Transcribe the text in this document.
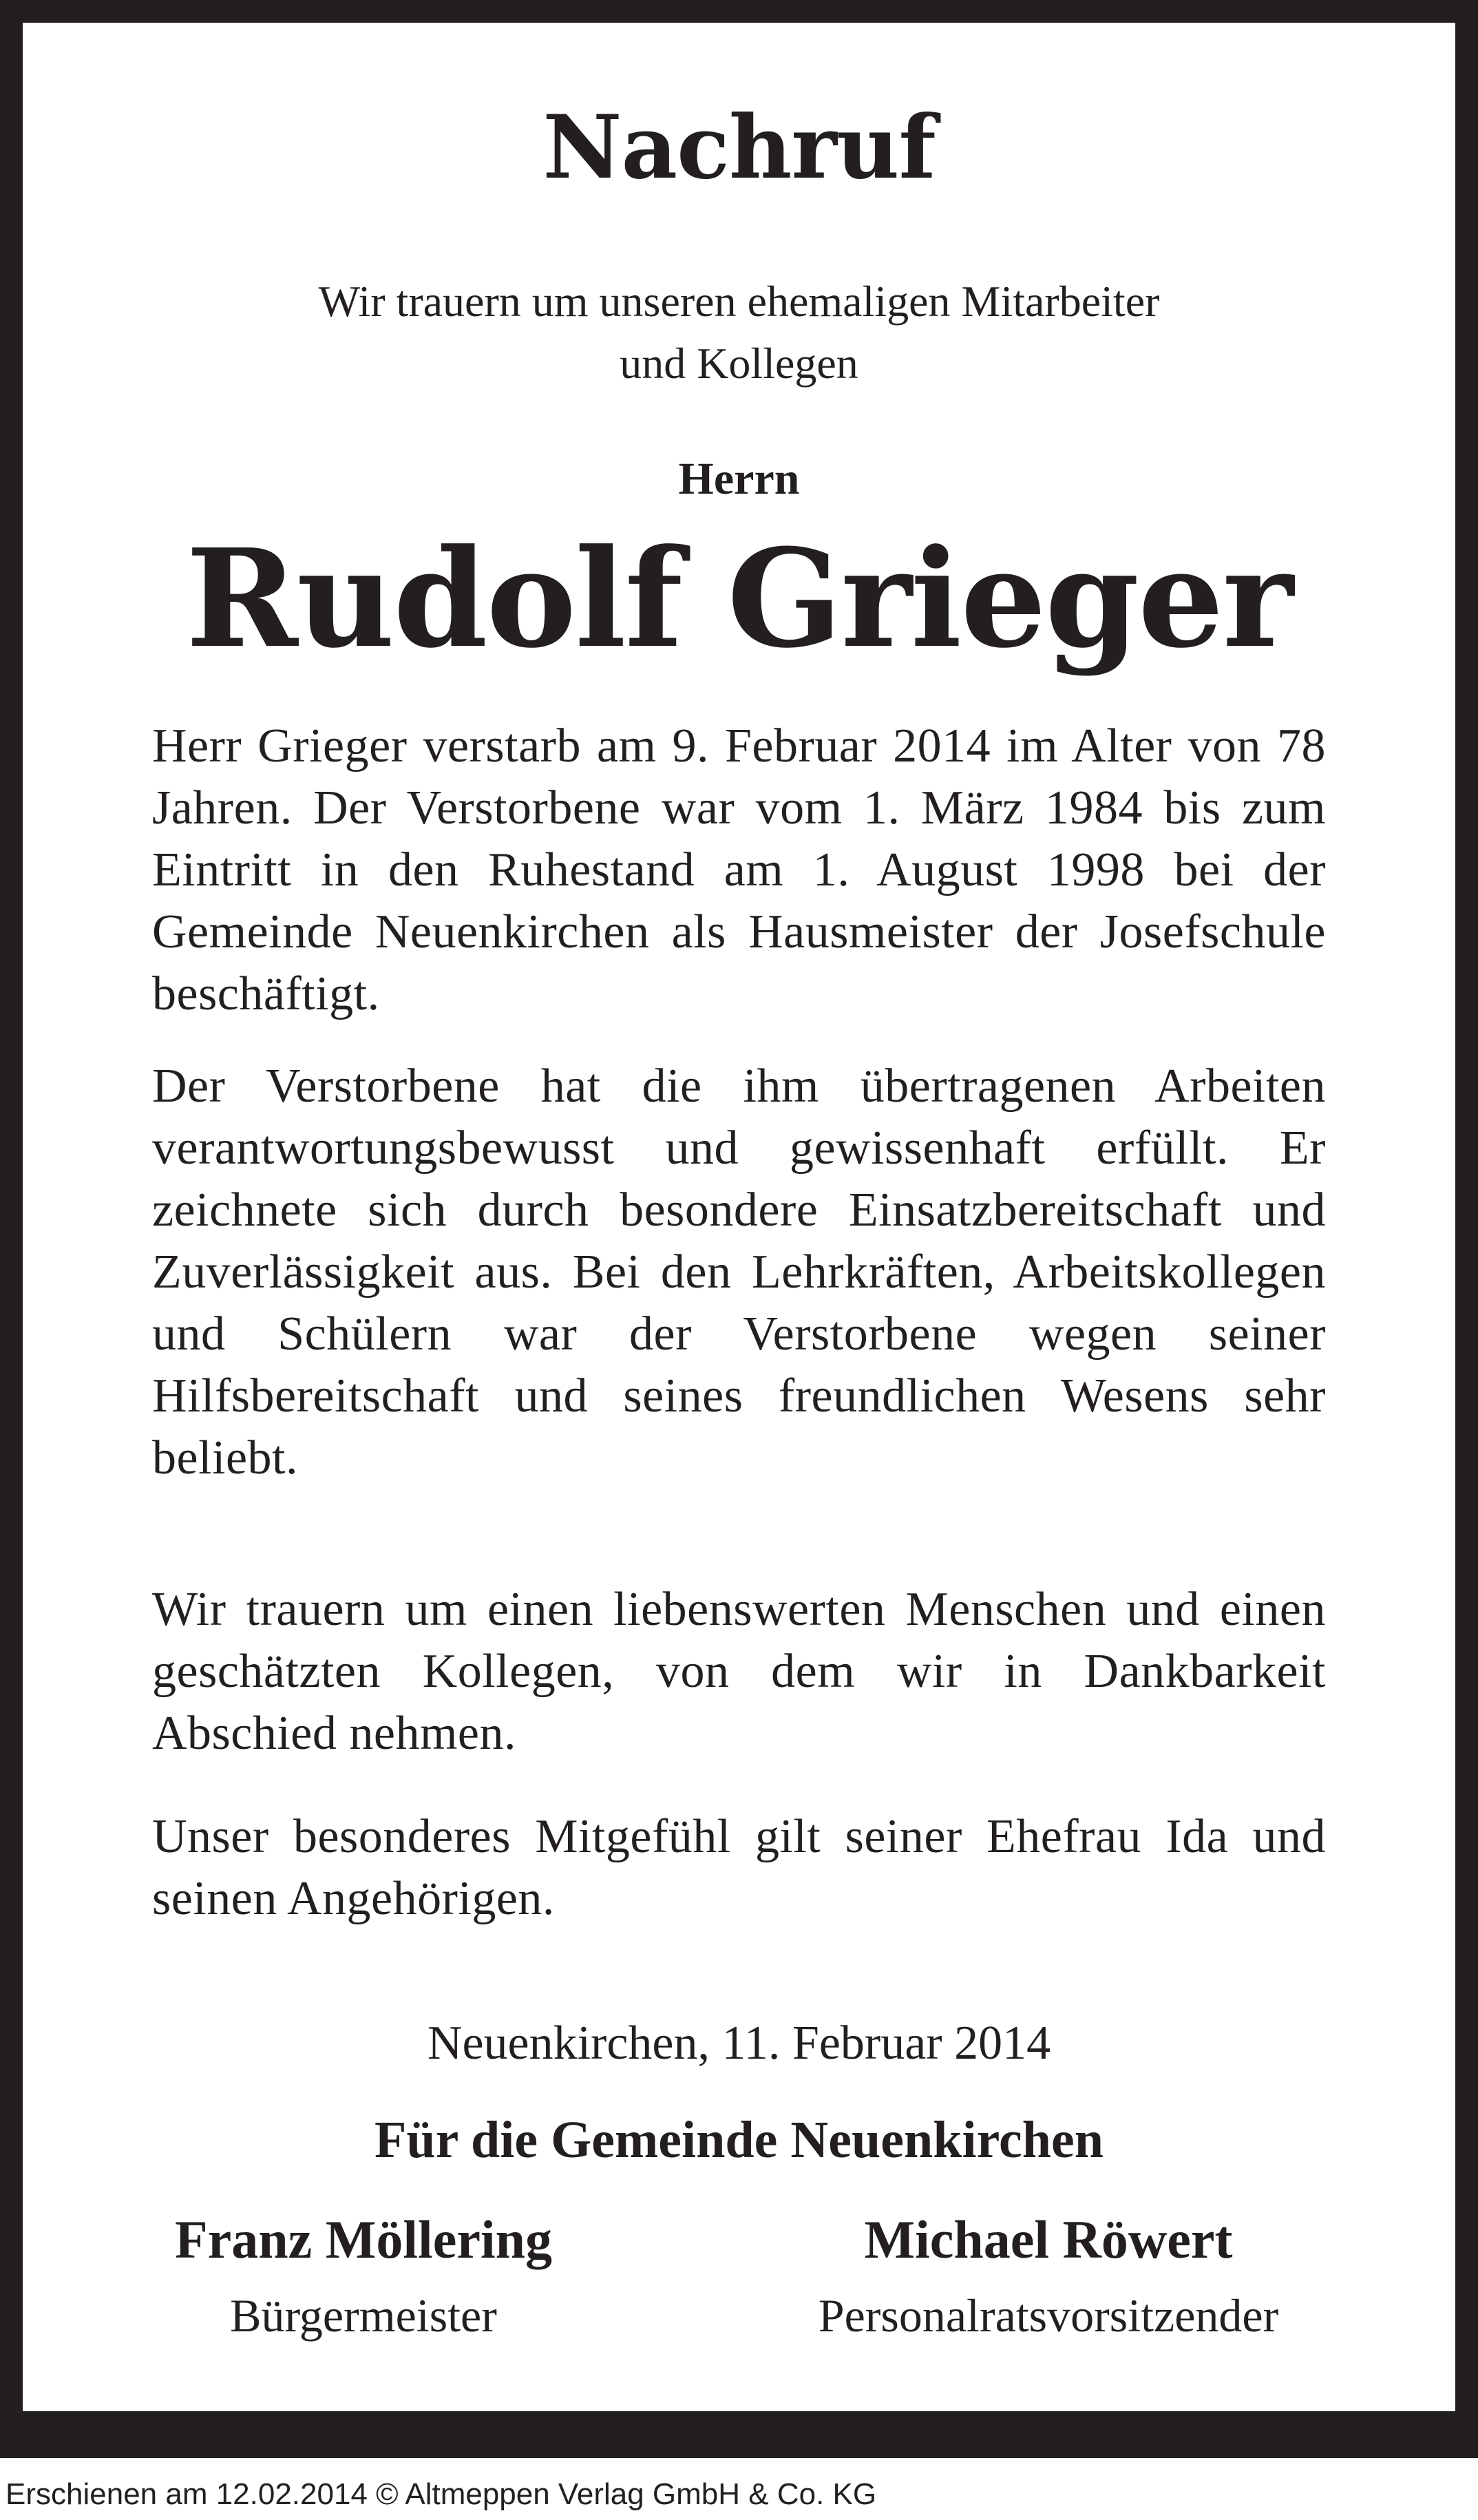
Nachruf
Wir trauern um unseren ehemaligen Mitarbeiter
und Kollegen
Herrn
Rudolf Grieger
Herr Grieger verstarb am 9. Februar 2014 im Alter von 78 Jahren. Der Verstorbene war vom 1. März 1984 bis zum Eintritt in den Ruhestand am 1. August 1998 bei der Gemeinde Neuenkirchen als Hausmeister der Josefschule beschäftigt.
Der Verstorbene hat die ihm übertragenen Arbeiten verantwortungsbewusst und gewissenhaft erfüllt. Er zeichnete sich durch besondere Einsatzbereitschaft und Zuverlässigkeit aus. Bei den Lehrkräften, Arbeitskollegen und Schülern war der Verstorbene wegen seiner Hilfsbereitschaft und seines freundlichen Wesens sehr beliebt.
Wir trauern um einen liebenswerten Menschen und einen geschätzten Kollegen, von dem wir in Dankbarkeit Abschied nehmen.
Unser besonderes Mitgefühl gilt seiner Ehefrau Ida und seinen Angehörigen.
Neuenkirchen, 11. Februar 2014
Für die Gemeinde Neuenkirchen
Franz Möllering
Bürgermeister
Michael Röwert
Personalratsvorsitzender
Erschienen am 12.02.2014 © Altmeppen Verlag GmbH & Co. KG
